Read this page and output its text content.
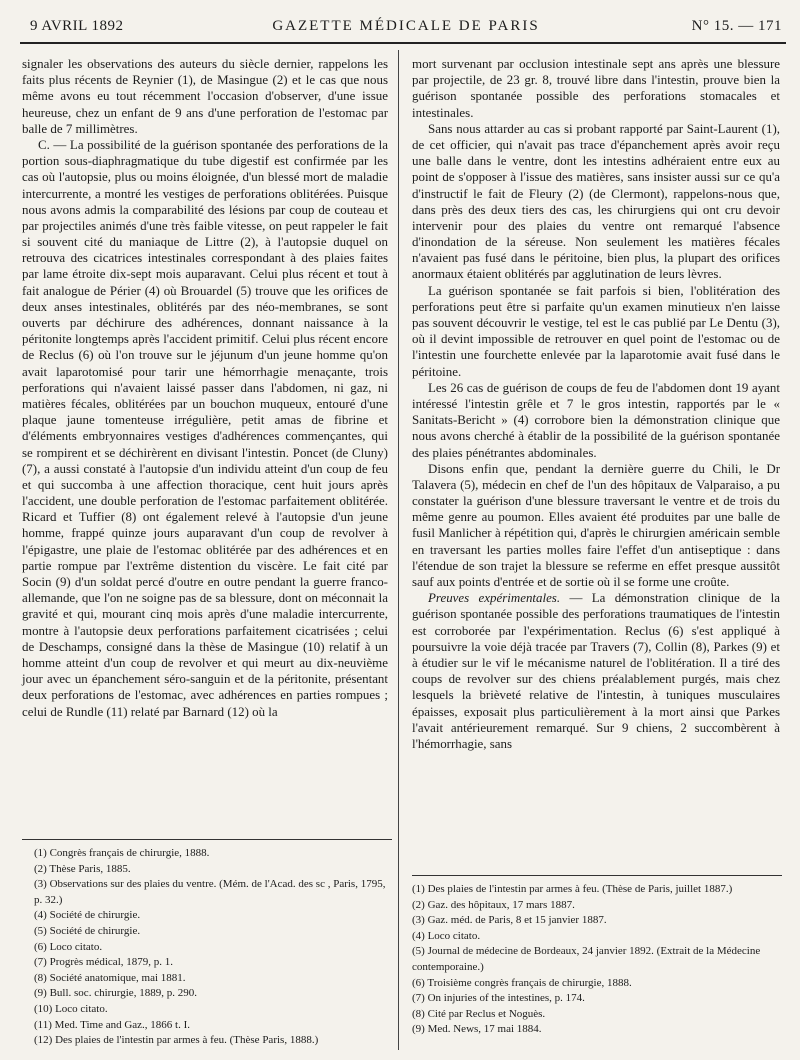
9 AVRIL 1892	GAZETTE MÉDICALE DE PARIS	N° 15. — 171

signaler les observations des auteurs du siècle dernier, rappelons les faits plus récents de Reynier (1), de Masingue (2) et le cas que nous même avons eu tout récemment l'occasion d'observer, d'une issue heureuse, chez un enfant de 9 ans d'une perforation de l'estomac par balle de 7 millimètres.

C. — La possibilité de la guérison spontanée des perforations de la portion sous-diaphragmatique du tube digestif est confirmée par les cas où l'autopsie, plus ou moins éloignée, d'un blessé mort de maladie intercurrente, a montré les vestiges de perforations oblitérées. Puisque nous avons admis la comparabilité des lésions par coup de couteau et par projectiles animés d'une très faible vitesse, on peut rappeler le fait si souvent cité du maniaque de Littre (2), à l'autopsie duquel on retrouva des cicatrices intestinales correspondant à des plaies faites par lame étroite dix-sept mois auparavant. Celui plus récent et tout à fait analogue de Périer (4) où Brouardel (5) trouve que les orifices de deux anses intestinales, oblitérés par des néo-membranes, se sont ouverts par déchirure des adhérences, donnant naissance à la péritonite longtemps après l'accident primitif. Celui plus récent encore de Reclus (6) où l'on trouve sur le jéjunum d'un jeune homme qu'on avait laparotomisé pour tarir une hémorrhagie menaçante, trois perforations qui n'avaient laissé passer dans l'abdomen, ni gaz, ni matières fécales, oblitérées par un bouchon muqueux, entouré d'une plaque jaune tomenteuse irrégulière, petit amas de fibrine et d'éléments embryonnaires vestiges d'adhérences commençantes, qui se rompirent et se déchirèrent en divisant l'intestin. Poncet (de Cluny) (7), a aussi constaté à l'autopsie d'un individu atteint d'un coup de feu et qui succomba à une affection thoracique, cent huit jours après l'accident, une double perforation de l'estomac parfaitement oblitérée. Ricard et Tuffier (8) ont également relevé à l'autopsie d'un jeune homme, frappé quinze jours auparavant d'un coup de revolver à l'épigastre, une plaie de l'estomac oblitérée par des adhérences et en partie rompue par l'extrême distention du viscère. Le fait cité par Socin (9) d'un soldat percé d'outre en outre pendant la guerre franco-allemande, que l'on ne soigne pas de sa blessure, dont on méconnait la gravité et qui, mourant cinq mois après d'une maladie intercurrente, montre à l'autopsie deux perforations parfaitement cicatrisées ; celui de Deschamps, consigné dans la thèse de Masingue (10) relatif à un homme atteint d'un coup de revolver et qui meurt au dix-neuvième jour avec un épanchement séro-sanguin et de la péritonite, présentant deux perforations de l'estomac, avec adhérences en parties rompues ; celui de Rundle (11) relaté par Barnard (12) où la

mort survenant par occlusion intestinale sept ans après une blessure par projectile, de 23 gr. 8, trouvé libre dans l'intestin, prouve bien la guérison spontanée possible des perforations stomacales et intestinales.

Sans nous attarder au cas si probant rapporté par Saint-Laurent (1), de cet officier, qui n'avait pas trace d'épanchement après avoir reçu une balle dans le ventre, dont les intestins adhéraient entre eux au point de s'opposer à l'issue des matières, sans insister aussi sur ce qu'a d'instructif le fait de Fleury (2) (de Clermont), rappelons-nous que, dans près des deux tiers des cas, les chirurgiens qui ont cru devoir intervenir pour des plaies du ventre ont remarqué l'absence d'inondation de la séreuse. Non seulement les matières fécales n'avaient pas fusé dans le péritoine, bien plus, la plupart des orifices anormaux étaient oblitérés par agglutination de leurs lèvres.

La guérison spontanée se fait parfois si bien, l'oblitération des perforations peut être si parfaite qu'un examen minutieux n'en laisse pas souvent découvrir le vestige, tel est le cas publié par Le Dentu (3), où il devint impossible de retrouver en quel point de l'estomac ou de l'intestin une fourchette enlevée par la laparotomie avait fusé dans le péritoine.

Les 26 cas de guérison de coups de feu de l'abdomen dont 19 ayant intéressé l'intestin grêle et 7 le gros intestin, rapportés par le « Sanitats-Bericht » (4) corrobore bien la démonstration clinique que nous avons cherché à établir de la possibilité de la guérison spontanée des plaies pénétrantes abdominales.

Disons enfin que, pendant la dernière guerre du Chili, le Dr Talavera (5), médecin en chef de l'un des hôpitaux de Valparaiso, a pu constater la guérison d'une blessure traversant le ventre et de trois du même genre au poumon. Elles avaient été produites par une balle de fusil Manlicher à répétition qui, d'après le chirurgien américain semble en traversant les parties molles faire l'effet d'un antiseptique : dans l'étendue de son trajet la blessure se referme en effet presque aussitôt sauf aux points d'entrée et de sortie où il se forme une croûte.

Preuves expérimentales. — La démonstration clinique de la guérison spontanée possible des perforations traumatiques de l'intestin est corroborée par l'expérimentation. Reclus (6) s'est appliqué à poursuivre la voie déjà tracée par Travers (7), Collin (8), Parkes (9) et à étudier sur le vif le mécanisme naturel de l'oblitération. Il a tiré des coups de revolver sur des chiens préalablement purgés, mais chez lesquels la brièveté relative de l'intestin, à tuniques musculaires épaisses, exposait plus particulièrement à la mort ainsi que Parkes l'avait antérieurement remarqué. Sur 9 chiens, 2 succombèrent à l'hémorrhagie, sans

(1) Congrès français de chirurgie, 1888.
(2) Thèse Paris, 1885.
(3) Observations sur des plaies du ventre. (Mém. de l'Acad. des sc , Paris, 1795, p. 32.)
(4) Société de chirurgie.
(5) Société de chirurgie.
(6) Loco citato.
(7) Progrès médical, 1879, p. 1.
(8) Société anatomique, mai 1881.
(9) Bull. soc. chirurgie, 1889, p. 290.
(10) Loco citato.
(11) Med. Time and Gaz., 1866 t. I.
(12) Des plaies de l'intestin par armes à feu. (Thèse Paris, 1888.)
(1) Des plaies de l'intestin par armes à feu. (Thèse de Paris, juillet 1887.)
(2) Gaz. des hôpitaux, 17 mars 1887.
(3) Gaz. méd. de Paris, 8 et 15 janvier 1887.
(4) Loco citato.
(5) Journal de médecine de Bordeaux, 24 janvier 1892. (Extrait de la Médecine contemporaine.)
(6) Troisième congrès français de chirurgie, 1888.
(7) On injuries of the intestines, p. 174.
(8) Cité par Reclus et Noguès.
(9) Med. News, 17 mai 1884.
